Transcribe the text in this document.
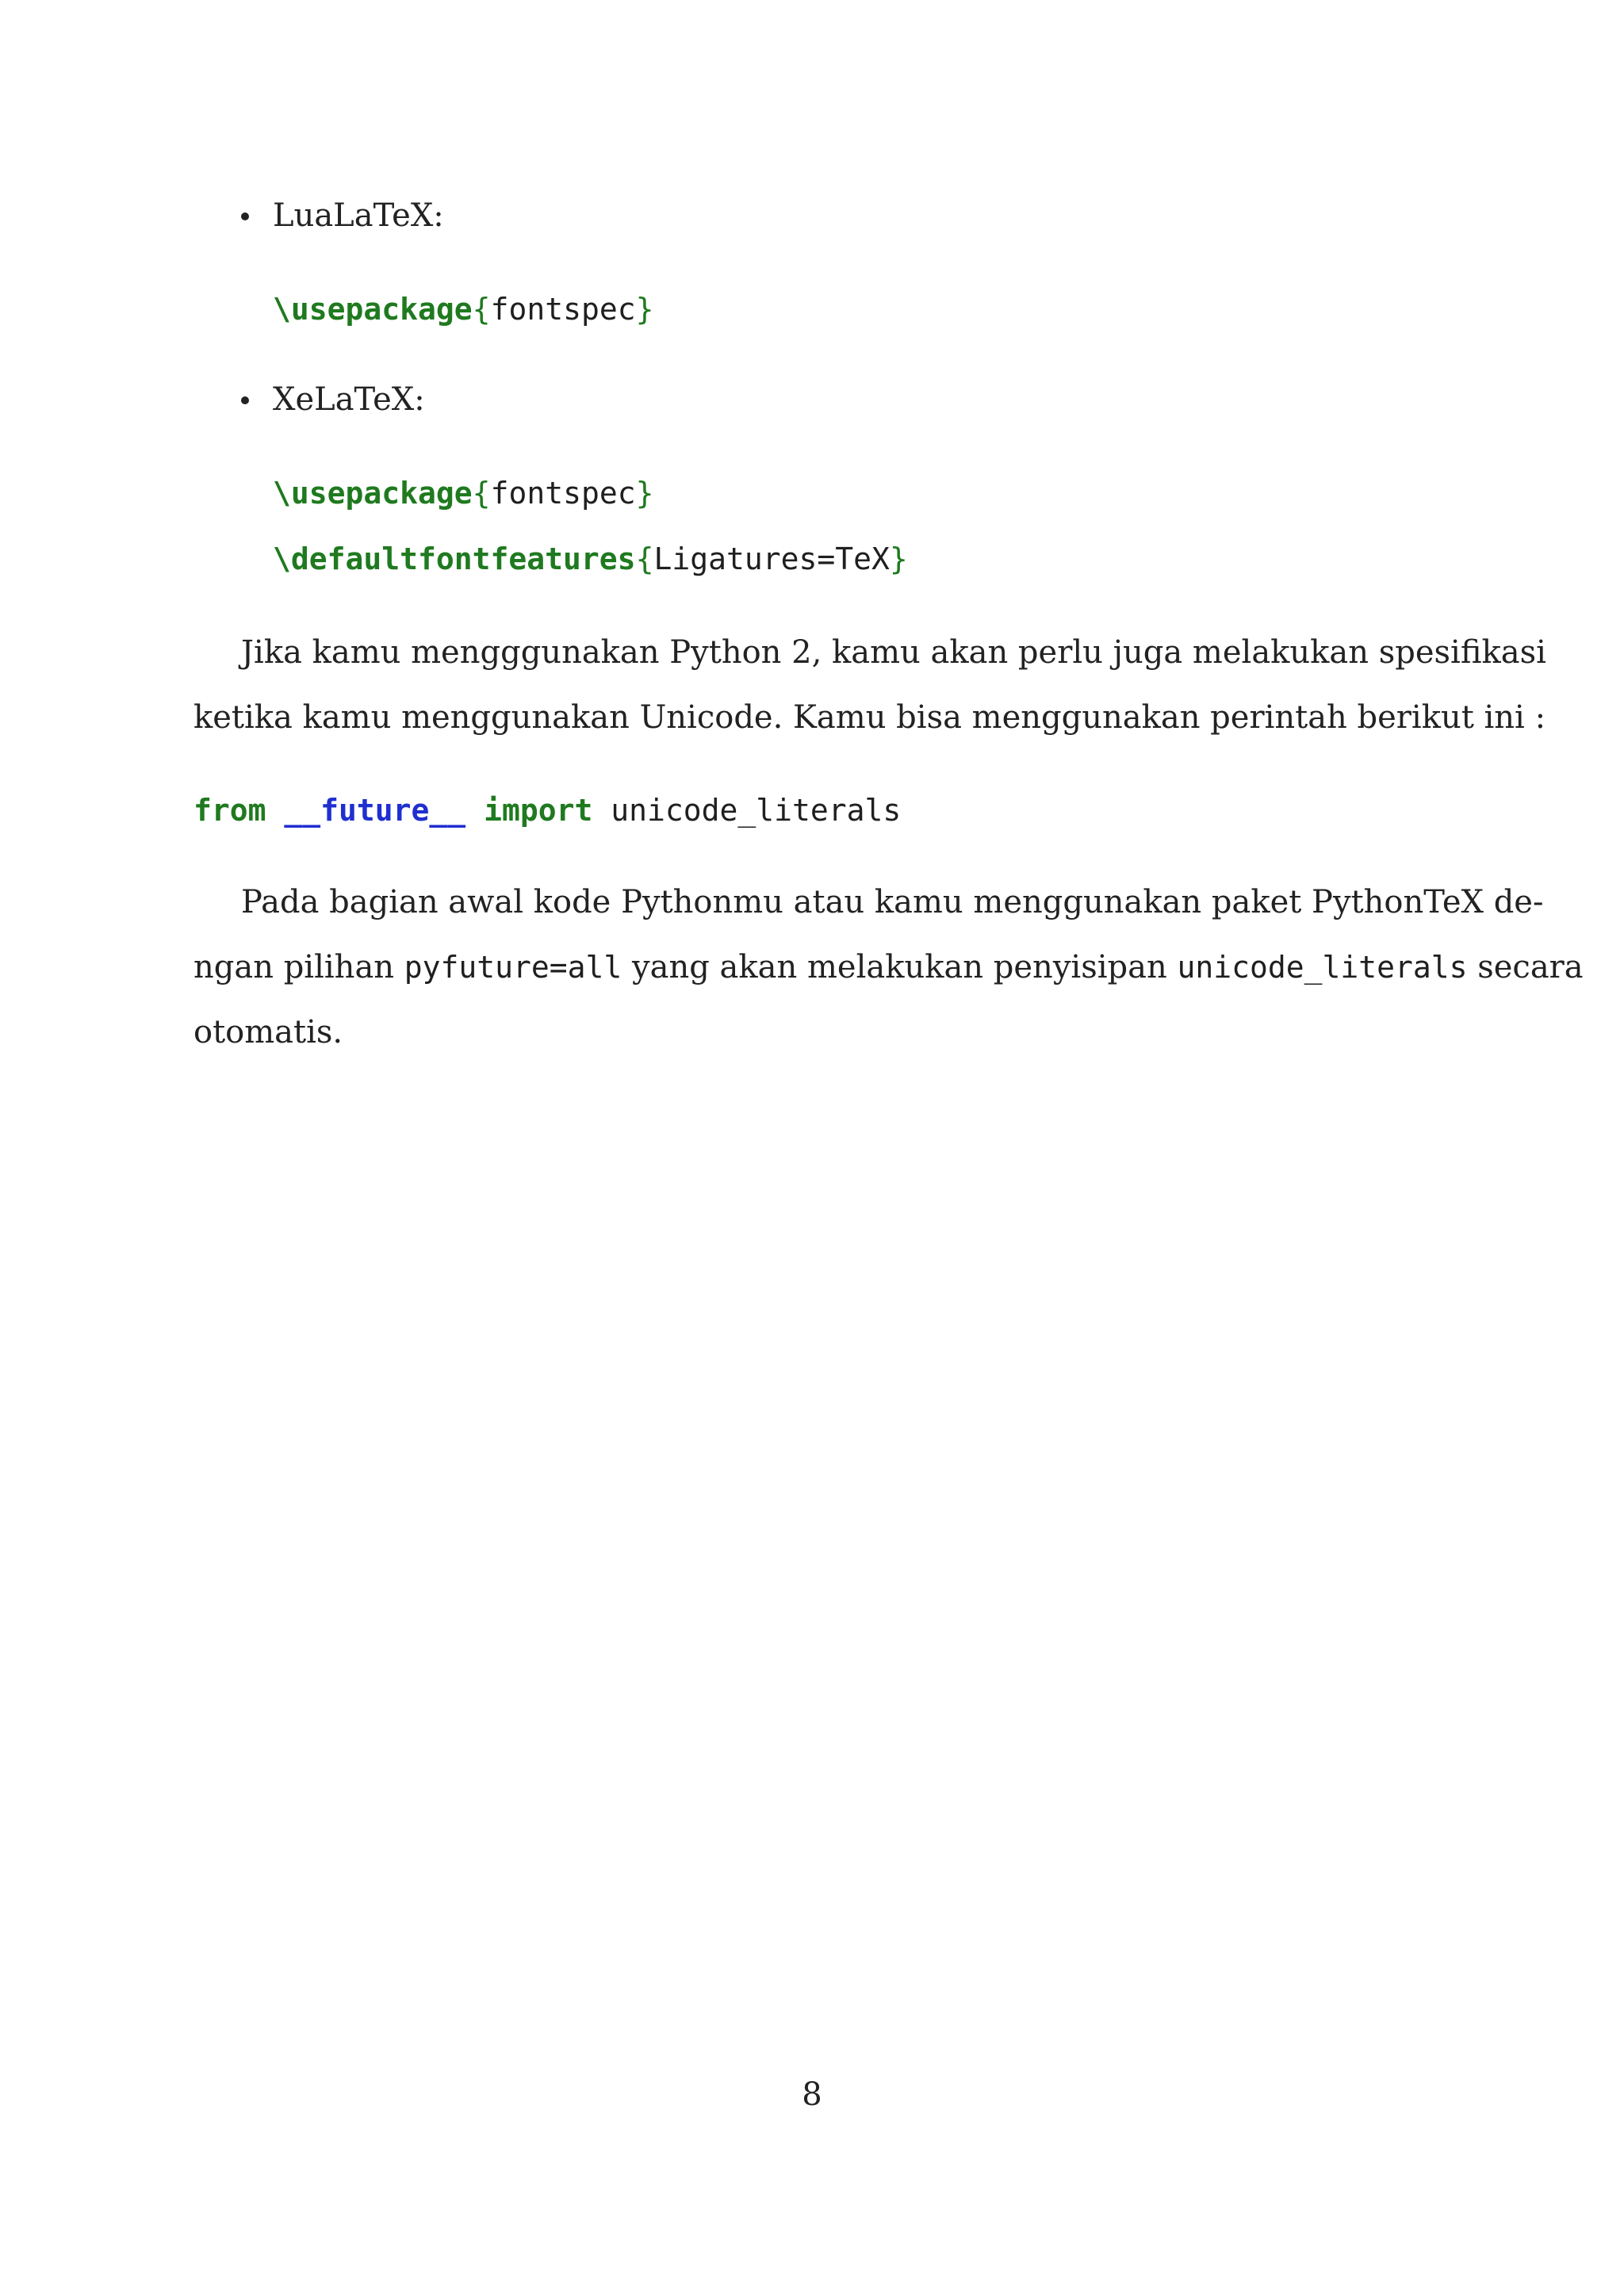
LuaLaTeX:
\usepackage{fontspec}
XeLaTeX:
\usepackage{fontspec}
\defaultfontfeatures{Ligatures=TeX}
Jika kamu mengggunakan Python 2, kamu akan perlu juga melakukan spesifikasi
ketika kamu menggunakan Unicode. Kamu bisa menggunakan perintah berikut ini :
from __future__ import unicode_literals
Pada bagian awal kode Pythonmu atau kamu menggunakan paket PythonTeX de-
ngan pilihan pyfuture=all yang akan melakukan penyisipan unicode_literals secara
otomatis.
8
